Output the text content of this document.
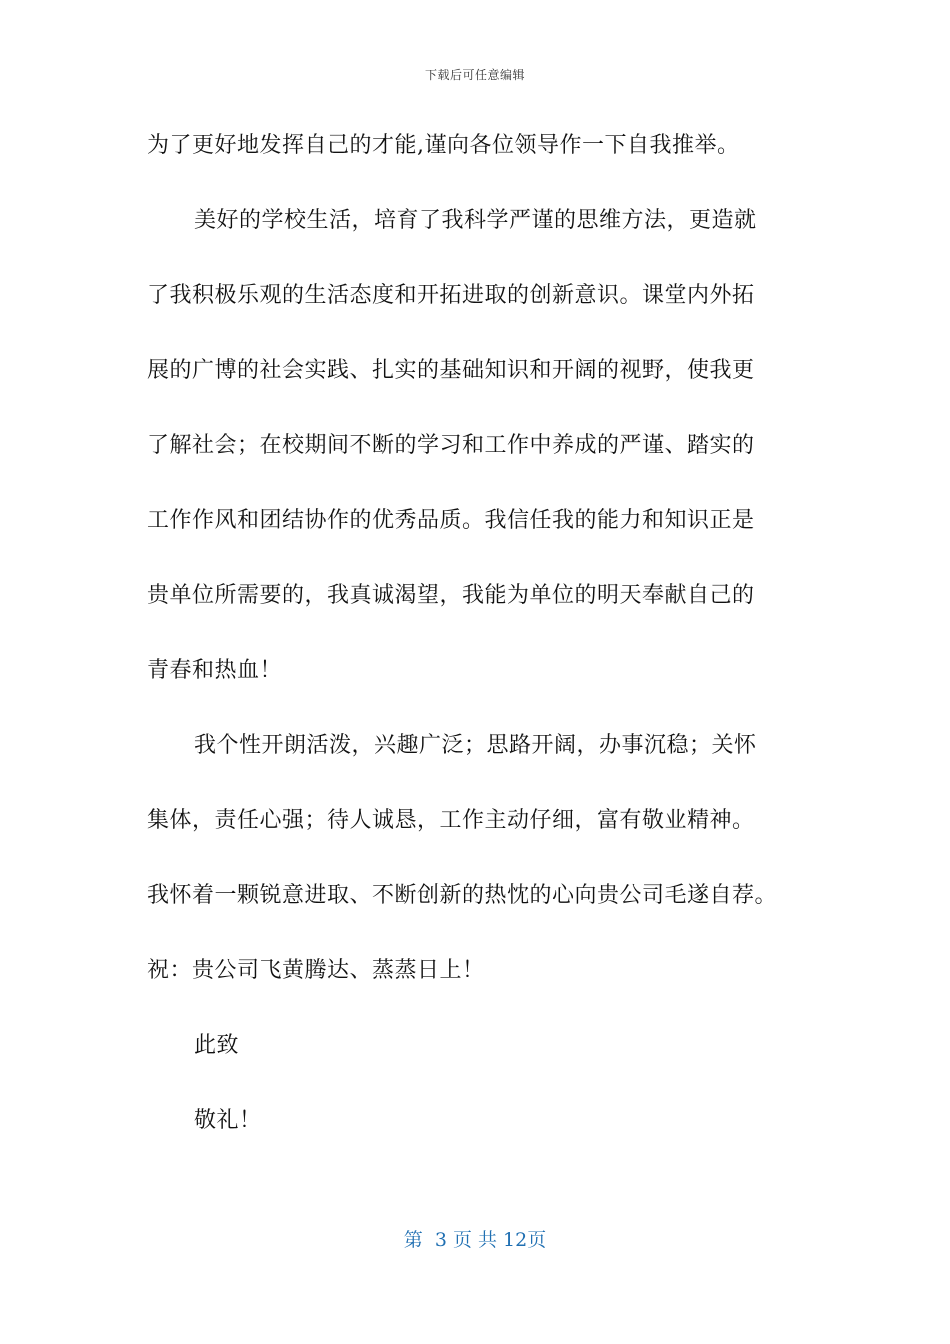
下载后可任意编辑
为了更好地发挥自己的才能,谨向各位领导作一下自我推举。
美好的学校生活，培育了我科学严谨的思维方法，更造就
了我积极乐观的生活态度和开拓进取的创新意识。课堂内外拓
展的广博的社会实践、扎实的基础知识和开阔的视野，使我更
了解社会；在校期间不断的学习和工作中养成的严谨、踏实的
工作作风和团结协作的优秀品质。我信任我的能力和知识正是
贵单位所需要的，我真诚渴望，我能为单位的明天奉献自己的
青春和热血！
我个性开朗活泼，兴趣广泛；思路开阔，办事沉稳；关怀
集体，责任心强；待人诚恳，工作主动仔细，富有敬业精神。
我怀着一颗锐意进取、不断创新的热忱的心向贵公司毛遂自荐。
祝：贵公司飞黄腾达、蒸蒸日上！
此致
敬礼！
第  3 页 共 12页
